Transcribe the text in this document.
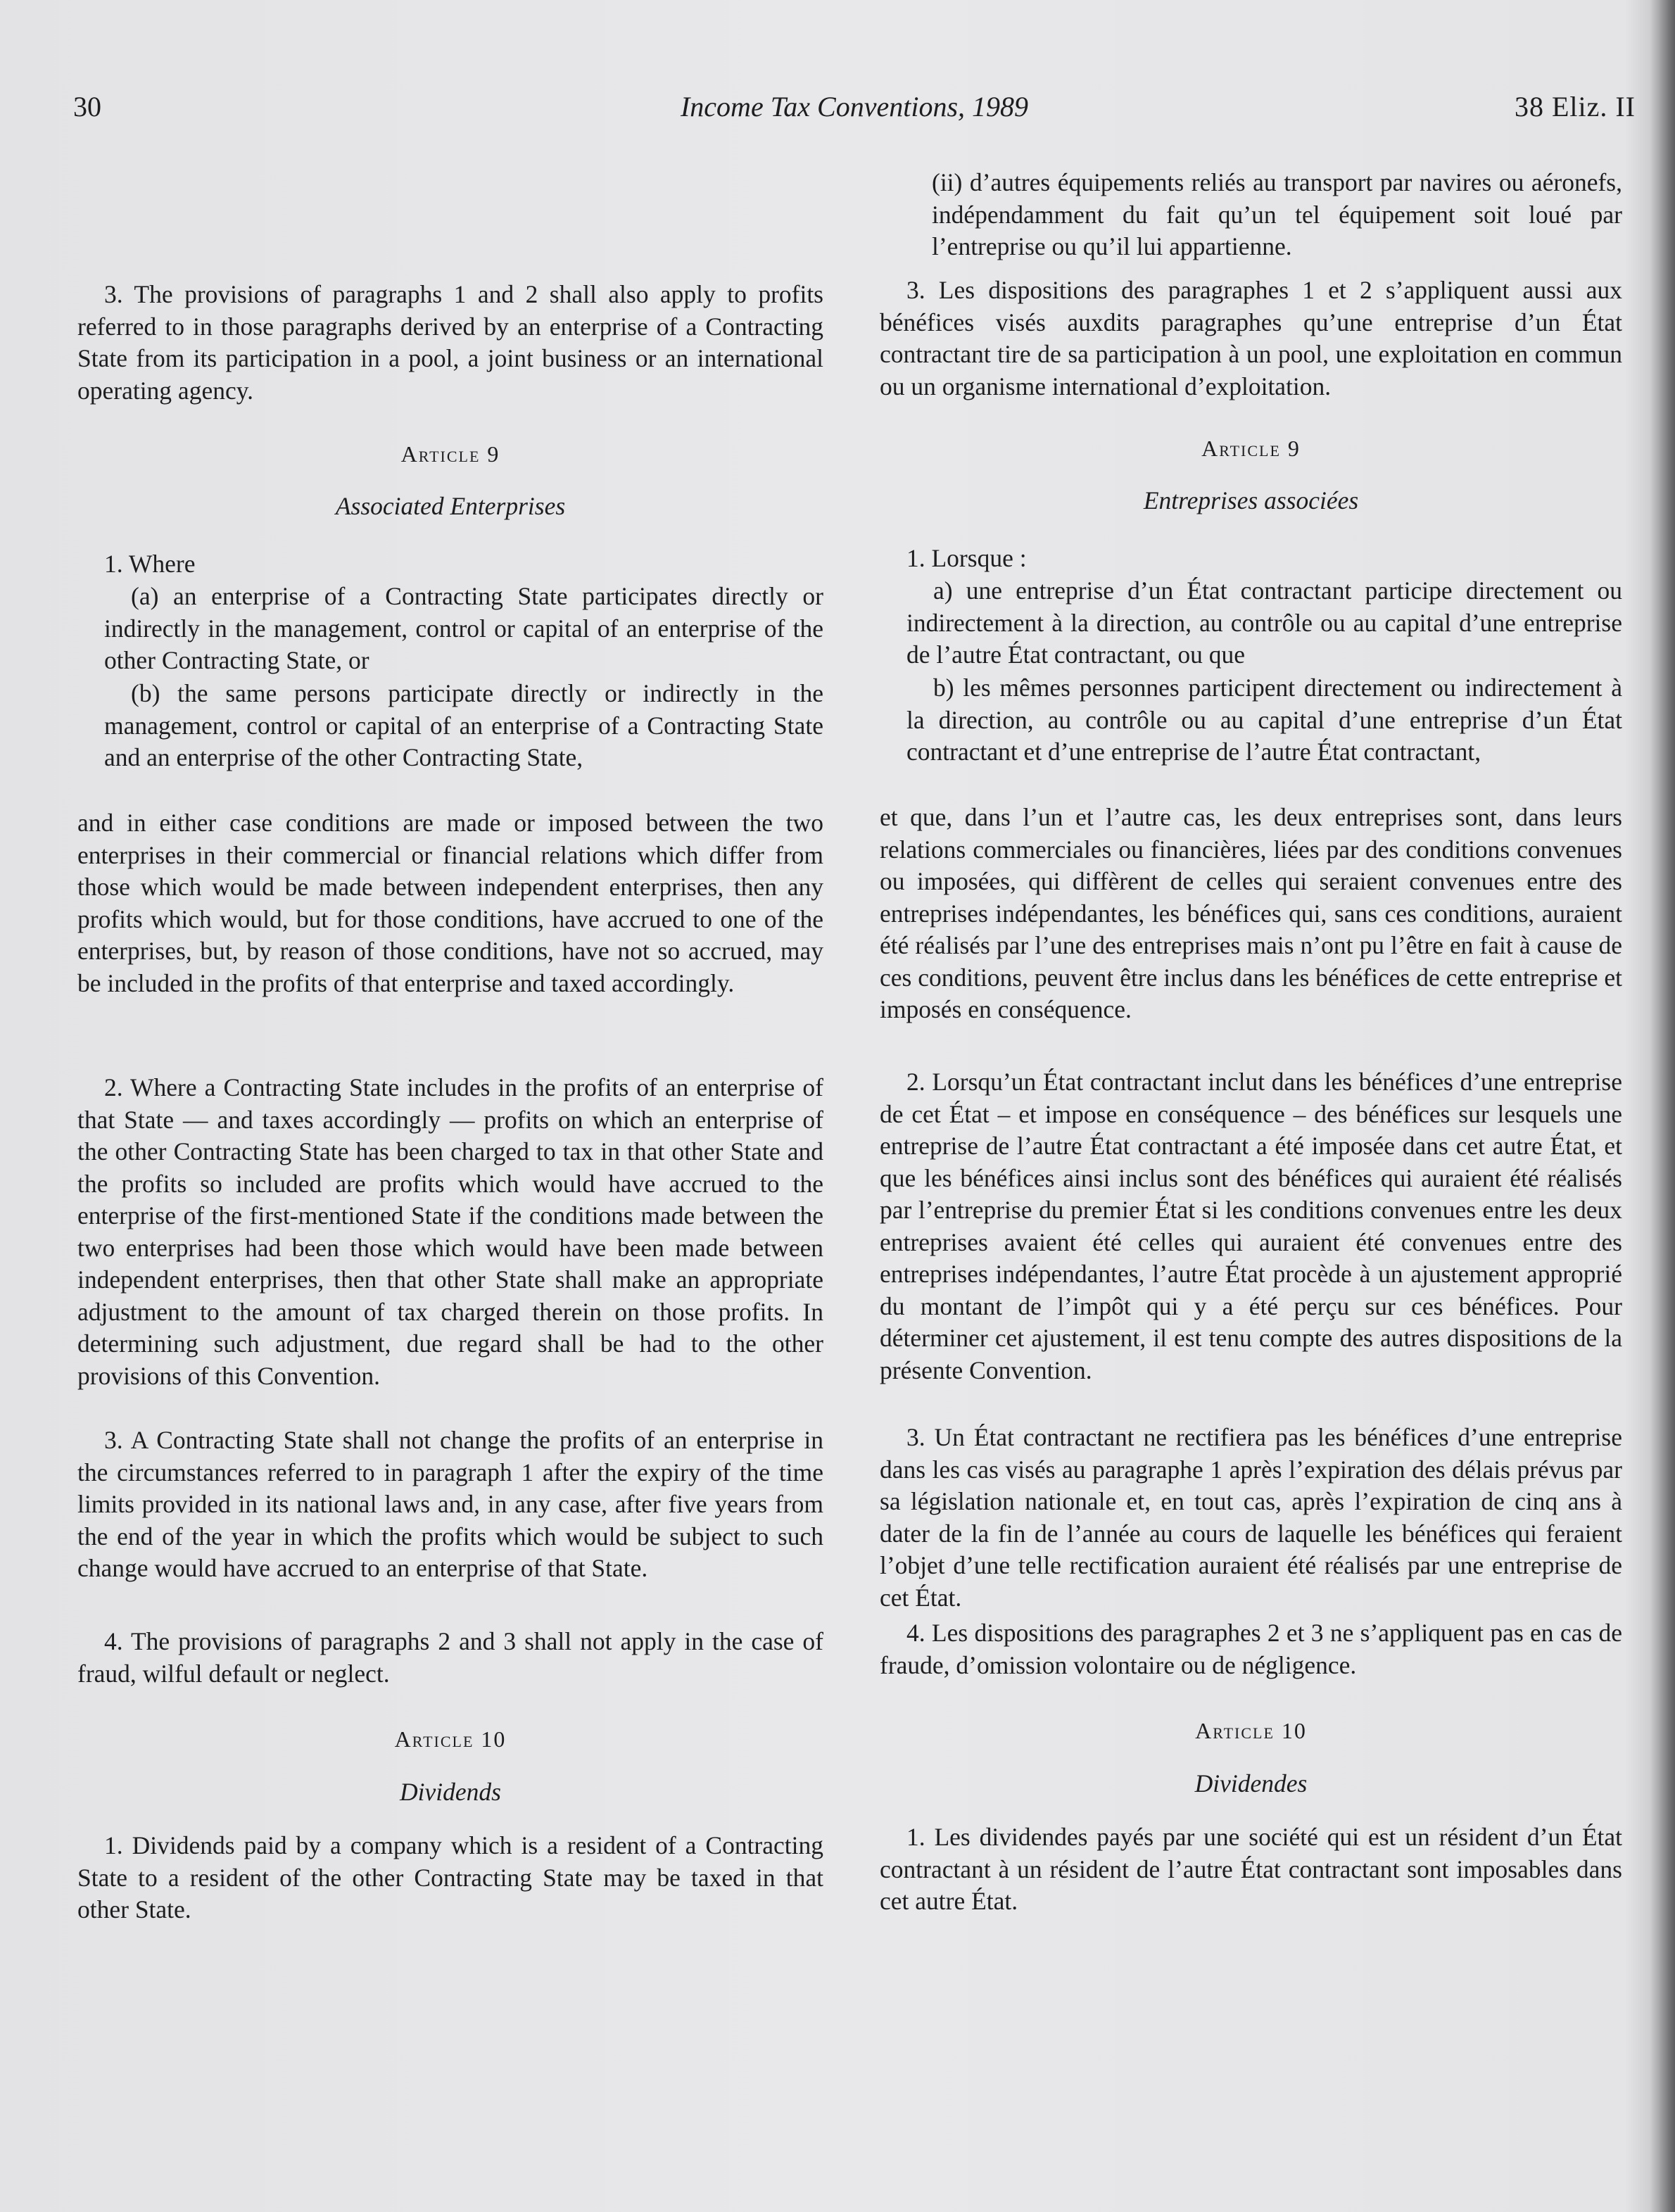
30	Income Tax Conventions, 1989	38 Eliz. II
3. The provisions of paragraphs 1 and 2 shall also apply to profits referred to in those paragraphs derived by an enterprise of a Contracting State from its participation in a pool, a joint business or an international operating agency.
Article 9
Associated Enterprises
1. Where
(a) an enterprise of a Contracting State participates directly or indirectly in the management, control or capital of an enterprise of the other Contracting State, or
(b) the same persons participate directly or indirectly in the management, control or capital of an enterprise of a Contracting State and an enterprise of the other Contracting State,
and in either case conditions are made or imposed between the two enterprises in their commercial or financial relations which differ from those which would be made between independent enterprises, then any profits which would, but for those conditions, have accrued to one of the enterprises, but, by reason of those conditions, have not so accrued, may be included in the profits of that enterprise and taxed accordingly.
2. Where a Contracting State includes in the profits of an enterprise of that State — and taxes accordingly — profits on which an enterprise of the other Contracting State has been charged to tax in that other State and the profits so included are profits which would have accrued to the enterprise of the first-mentioned State if the conditions made between the two enterprises had been those which would have been made between independent enterprises, then that other State shall make an appropriate adjustment to the amount of tax charged therein on those profits. In determining such adjustment, due regard shall be had to the other provisions of this Convention.
3. A Contracting State shall not change the profits of an enterprise in the circumstances referred to in paragraph 1 after the expiry of the time limits provided in its national laws and, in any case, after five years from the end of the year in which the profits which would be subject to such change would have accrued to an enterprise of that State.
4. The provisions of paragraphs 2 and 3 shall not apply in the case of fraud, wilful default or neglect.
Article 10
Dividends
1. Dividends paid by a company which is a resident of a Contracting State to a resident of the other Contracting State may be taxed in that other State.
(ii) d’autres équipements reliés au transport par navires ou aéronefs, indépendamment du fait qu’un tel équipement soit loué par l’entreprise ou qu’il lui appartienne.
3. Les dispositions des paragraphes 1 et 2 s’appliquent aussi aux bénéfices visés auxdits paragraphes qu’une entreprise d’un État contractant tire de sa participation à un pool, une exploitation en commun ou un organisme international d’exploitation.
Article 9
Entreprises associées
1. Lorsque :
a) une entreprise d’un État contractant participe directement ou indirectement à la direction, au contrôle ou au capital d’une entreprise de l’autre État contractant, ou que
b) les mêmes personnes participent directement ou indirectement à la direction, au contrôle ou au capital d’une entreprise d’un État contractant et d’une entreprise de l’autre État contractant,
et que, dans l’un et l’autre cas, les deux entreprises sont, dans leurs relations commerciales ou financières, liées par des conditions convenues ou imposées, qui diffèrent de celles qui seraient convenues entre des entreprises indépendantes, les bénéfices qui, sans ces conditions, auraient été réalisés par l’une des entreprises mais n’ont pu l’être en fait à cause de ces conditions, peuvent être inclus dans les bénéfices de cette entreprise et imposés en conséquence.
2. Lorsqu’un État contractant inclut dans les bénéfices d’une entreprise de cet État – et impose en conséquence – des bénéfices sur lesquels une entreprise de l’autre État contractant a été imposée dans cet autre État, et que les bénéfices ainsi inclus sont des bénéfices qui auraient été réalisés par l’entreprise du premier État si les conditions convenues entre les deux entreprises avaient été celles qui auraient été convenues entre des entreprises indépendantes, l’autre État procède à un ajustement approprié du montant de l’impôt qui y a été perçu sur ces bénéfices. Pour déterminer cet ajustement, il est tenu compte des autres dispositions de la présente Convention.
3. Un État contractant ne rectifiera pas les bénéfices d’une entreprise dans les cas visés au paragraphe 1 après l’expiration des délais prévus par sa législation nationale et, en tout cas, après l’expiration de cinq ans à dater de la fin de l’année au cours de laquelle les bénéfices qui feraient l’objet d’une telle rectification auraient été réalisés par une entreprise de cet État.
4. Les dispositions des paragraphes 2 et 3 ne s’appliquent pas en cas de fraude, d’omission volontaire ou de négligence.
Article 10
Dividendes
1. Les dividendes payés par une société qui est un résident d’un État contractant à un résident de l’autre État contractant sont imposables dans cet autre État.
